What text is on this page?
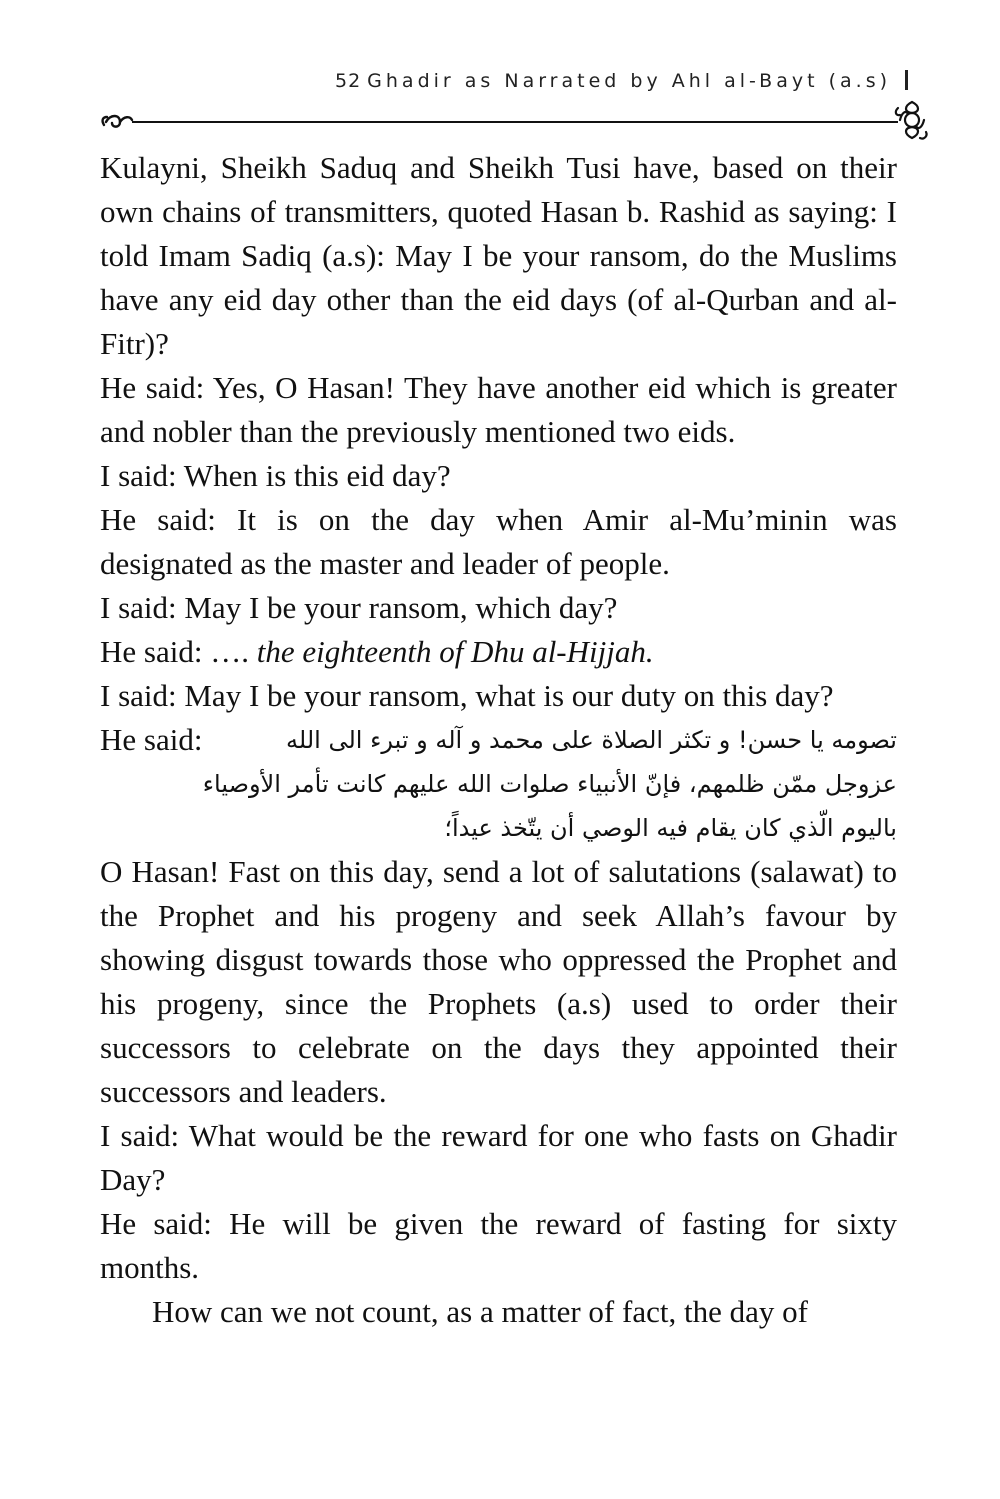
52 Ghadir as Narrated by Ahl al-Bayt (a.s)

Kulayni, Sheikh Saduq and Sheikh Tusi have, based on their own chains of transmitters, quoted Hasan b. Rashid as saying: I told Imam Sadiq (a.s): May I be your ransom, do the Muslims have any eid day other than the eid days (of al-Qurban and al-Fitr)?

He said: Yes, O Hasan! They have another eid which is greater and nobler than the previously mentioned two eids.

I said: When is this eid day?

He said: It is on the day when Amir al-Mu’minin was designated as the master and leader of people.

I said: May I be your ransom, which day?

He said: …. the eighteenth of Dhu al-Hijjah.

I said: May I be your ransom, what is our duty on this day?

He said:	تصومه يا حسن! و تكثر الصلاة على محمد و آله و تبرء الى الله
عزوجل ممّن ظلمهم، فإنّ الأنبياء صلوات الله عليهم كانت تأمر الأوصياء
باليوم الّذي كان يقام فيه الوصي أن يتّخذ عيداً؛

O Hasan! Fast on this day, send a lot of salutations (salawat) to the Prophet and his progeny and seek Allah’s favour by showing disgust towards those who oppressed the Prophet and his progeny, since the Prophets (a.s) used to order their successors to celebrate on the days they appointed their successors and leaders.

I said: What would be the reward for one who fasts on Ghadir Day?

He said: He will be given the reward of fasting for sixty months.

How can we not count, as a matter of fact, the day of
